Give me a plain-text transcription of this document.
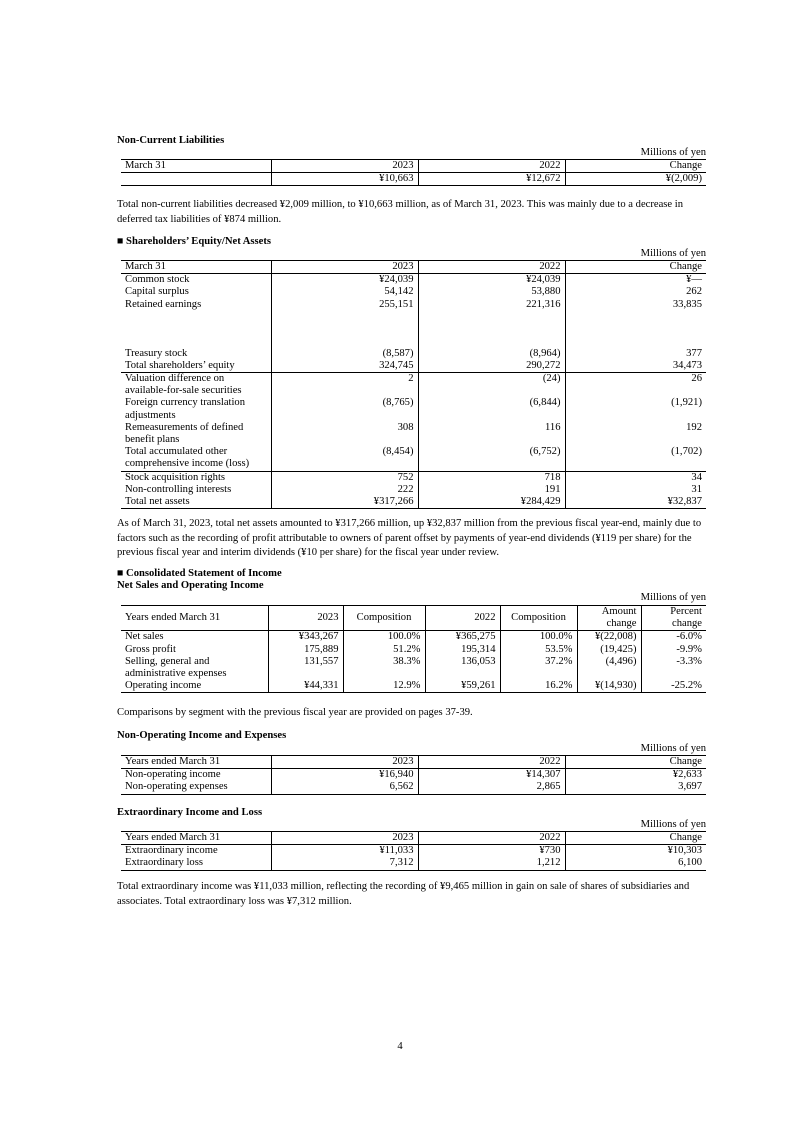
Non-Current Liabilities
Millions of yen
March 31	2023	2022	Change
	¥10,663	¥12,672	¥(2,009)
Total non-current liabilities decreased ¥2,009 million, to ¥10,663 million, as of March 31, 2023. This was mainly due to a decrease in deferred tax liabilities of ¥874 million.
■ Shareholders’ Equity/Net Assets
Millions of yen
March 31	2023	2022	Change
Common stock	¥24,039	¥24,039	¥—
Capital surplus	54,142	53,880	262
Retained earnings	255,151	221,316	33,835
Treasury stock	(8,587)	(8,964)	377
Total shareholders’ equity	324,745	290,272	34,473
Valuation difference on available-for-sale securities	2	(24)	26
Foreign currency translation adjustments	(8,765)	(6,844)	(1,921)
Remeasurements of defined benefit plans	308	116	192
Total accumulated other comprehensive income (loss)	(8,454)	(6,752)	(1,702)
Stock acquisition rights	752	718	34
Non-controlling interests	222	191	31
Total net assets	¥317,266	¥284,429	¥32,837
As of March 31, 2023, total net assets amounted to ¥317,266 million, up ¥32,837 million from the previous fiscal year-end, mainly due to factors such as the recording of profit attributable to owners of parent offset by payments of year-end dividends (¥119 per share) for the previous fiscal year and interim dividends (¥10 per share) for the fiscal year under review.
■ Consolidated Statement of Income
Net Sales and Operating Income
Millions of yen
Years ended March 31	2023	Composition	2022	Composition	Amount change	Percent change
Net sales	¥343,267	100.0%	¥365,275	100.0%	¥(22,008)	-6.0%
Gross profit	175,889	51.2%	195,314	53.5%	(19,425)	-9.9%
Selling, general and administrative expenses	131,557	38.3%	136,053	37.2%	(4,496)	-3.3%
Operating income	¥44,331	12.9%	¥59,261	16.2%	¥(14,930)	-25.2%
Comparisons by segment with the previous fiscal year are provided on pages 37-39.
Non-Operating Income and Expenses
Millions of yen
Years ended March 31	2023	2022	Change
Non-operating income	¥16,940	¥14,307	¥2,633
Non-operating expenses	6,562	2,865	3,697
Extraordinary Income and Loss
Millions of yen
Years ended March 31	2023	2022	Change
Extraordinary income	¥11,033	¥730	¥10,303
Extraordinary loss	7,312	1,212	6,100
Total extraordinary income was ¥11,033 million, reflecting the recording of ¥9,465 million in gain on sale of shares of subsidiaries and associates. Total extraordinary loss was ¥7,312 million.
4
